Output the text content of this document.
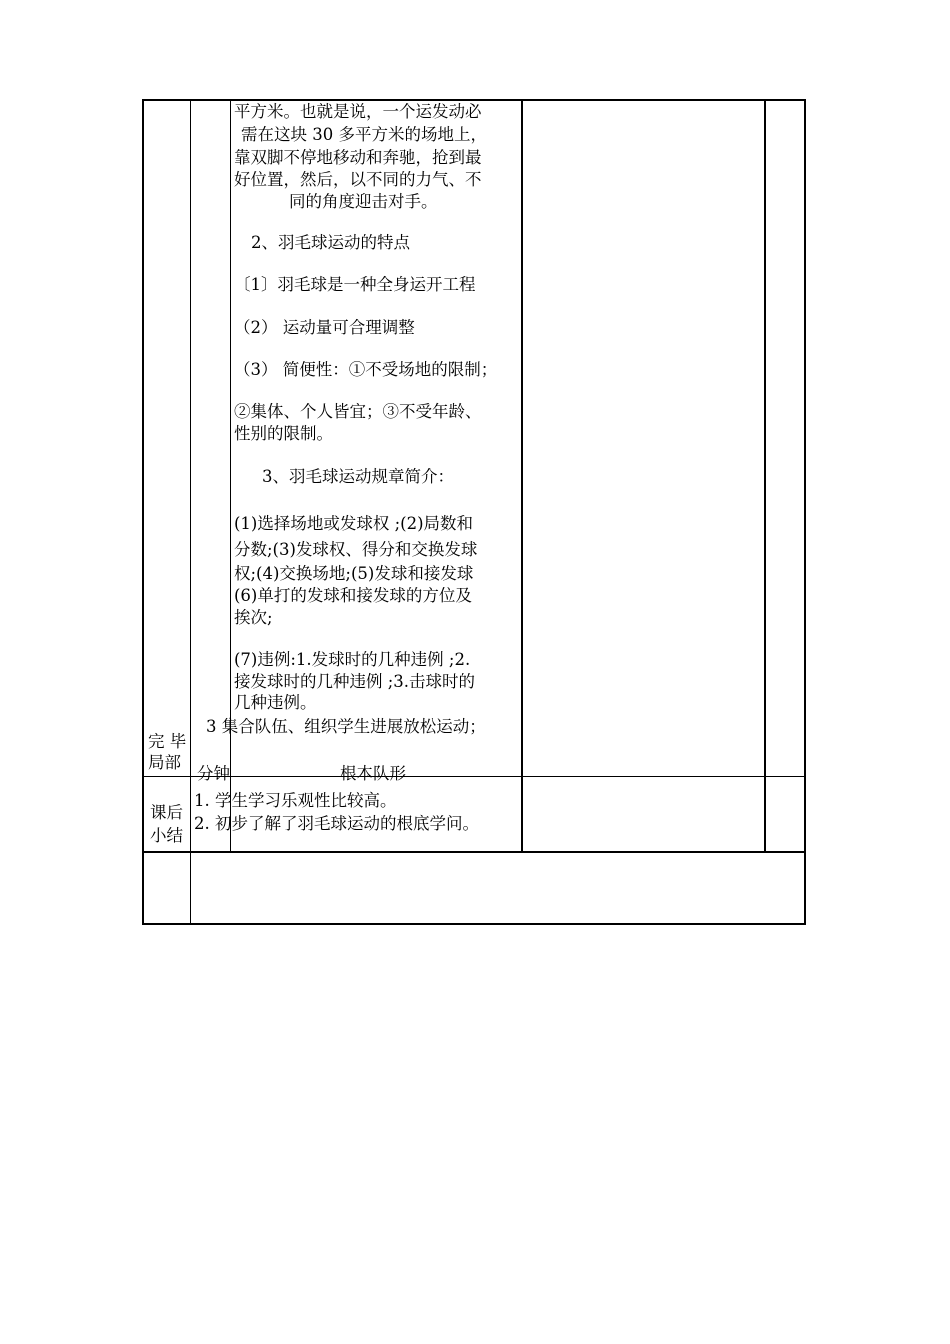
平方米。也就是说，一个运发动必
需在这块 30 多平方米的场地上，
靠双脚不停地移动和奔驰，抢到最
好位置，然后，以不同的力气、不
同的角度迎击对手。
2、羽毛球运动的特点
〔1〕羽毛球是一种全身运开工程
（2） 运动量可合理调整
（3） 简便性：①不受场地的限制；
②集体、个人皆宜；③不受年龄、
性别的限制。
3、羽毛球运动规章简介：
(1)选择场地或发球权 ;(2)局数和
分数;(3)发球权、得分和交换发球
权;(4)交换场地;(5)发球和接发球
(6)单打的发球和接发球的方位及
挨次;
(7)违例:1.发球时的几种违例 ;2.
接发球时的几种违例 ;3.击球时的
几种违例。
3 集合队伍、组织学生进展放松运动；
完 毕
局部
分钟	根本队形
课后
小结
1. 学生学习乐观性比较高。
2. 初步了解了羽毛球运动的根底学问。
